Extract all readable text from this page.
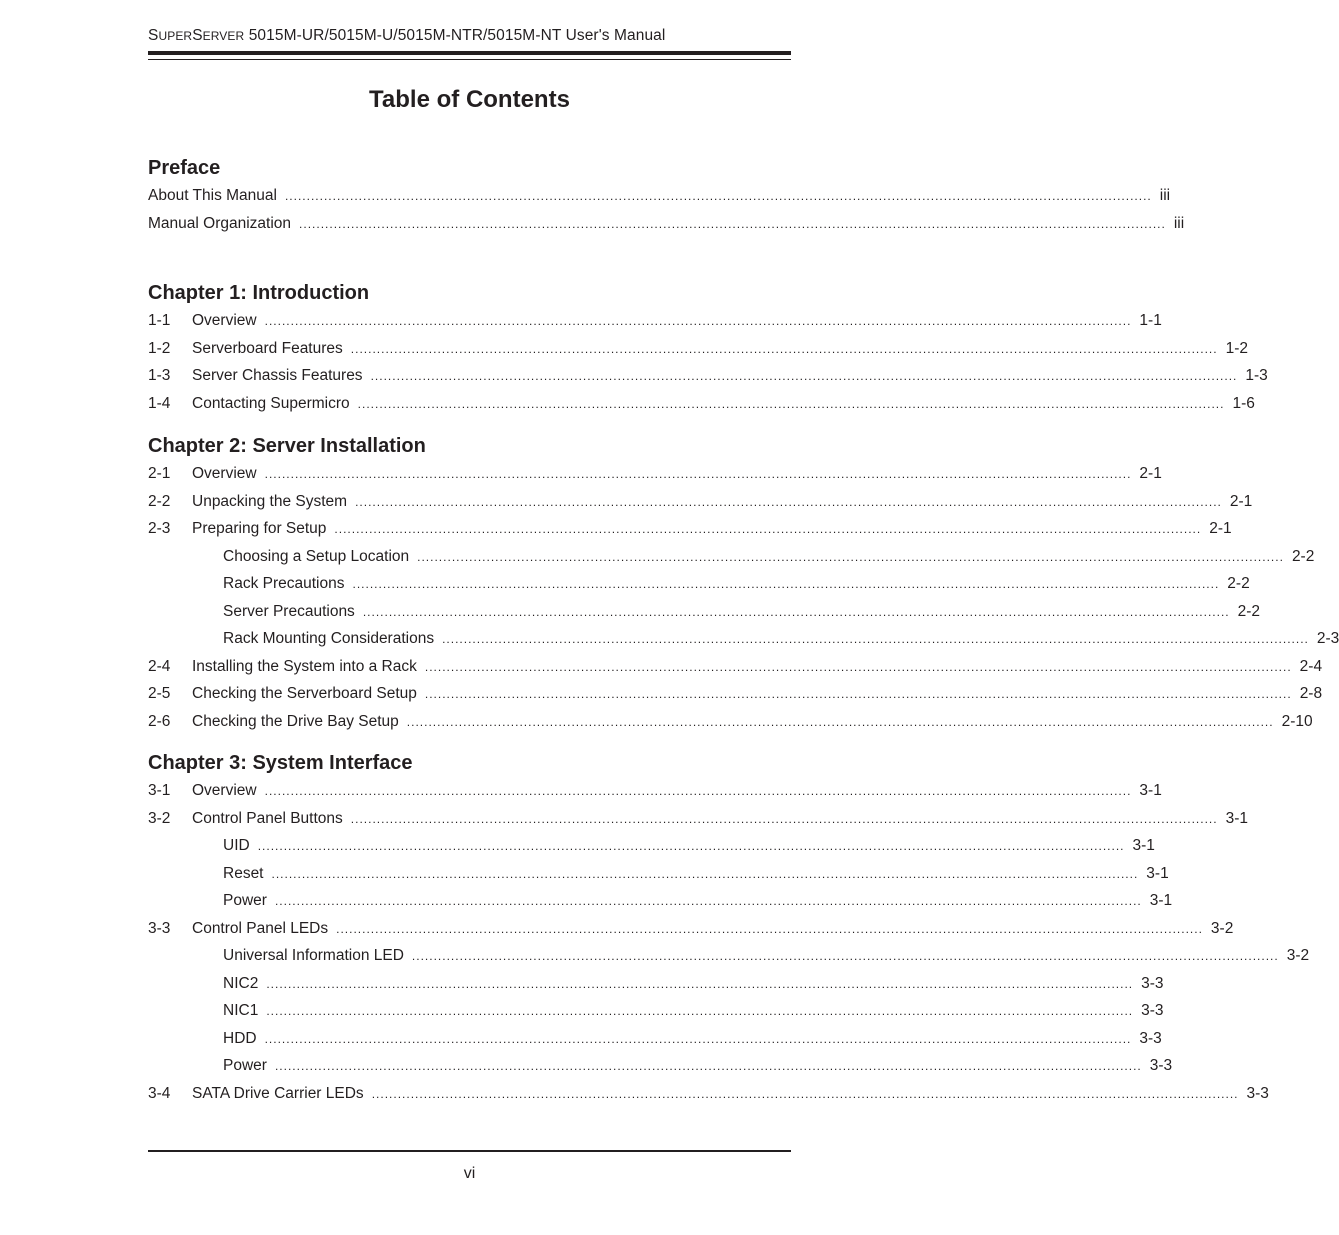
SUPERSERVER 5015M-UR/5015M-U/5015M-NTR/5015M-NT User's Manual
Table of Contents
Preface
About This Manual ........................................................................................................................................................................................................ iii
Manual Organization ........................................................................................................................................................................................................ iii
Chapter 1: Introduction
1-1	Overview ........................................................................................................................................................................................................ 1-1
1-2	Serverboard Features ........................................................................................................................................................................................................ 1-2
1-3	Server Chassis Features ........................................................................................................................................................................................................ 1-3
1-4	Contacting Supermicro ........................................................................................................................................................................................................ 1-6
Chapter 2: Server Installation
2-1	Overview ........................................................................................................................................................................................................ 2-1
2-2	Unpacking the System ........................................................................................................................................................................................................ 2-1
2-3	Preparing for Setup ........................................................................................................................................................................................................ 2-1
Choosing a Setup Location ........................................................................................................................................................................................................ 2-2
Rack Precautions ........................................................................................................................................................................................................ 2-2
Server Precautions ........................................................................................................................................................................................................ 2-2
Rack Mounting Considerations ........................................................................................................................................................................................................ 2-3
2-4	Installing the System into a Rack ........................................................................................................................................................................................................ 2-4
2-5	Checking the Serverboard Setup ........................................................................................................................................................................................................ 2-8
2-6	Checking the Drive Bay Setup ........................................................................................................................................................................................................ 2-10
Chapter 3: System Interface
3-1	Overview ........................................................................................................................................................................................................ 3-1
3-2	Control Panel Buttons ........................................................................................................................................................................................................ 3-1
UID ........................................................................................................................................................................................................ 3-1
Reset ........................................................................................................................................................................................................ 3-1
Power ........................................................................................................................................................................................................ 3-1
3-3	Control Panel LEDs ........................................................................................................................................................................................................ 3-2
Universal Information LED ........................................................................................................................................................................................................ 3-2
NIC2 ........................................................................................................................................................................................................ 3-3
NIC1 ........................................................................................................................................................................................................ 3-3
HDD ........................................................................................................................................................................................................ 3-3
Power ........................................................................................................................................................................................................ 3-3
3-4	SATA Drive Carrier LEDs ........................................................................................................................................................................................................ 3-3
vi
